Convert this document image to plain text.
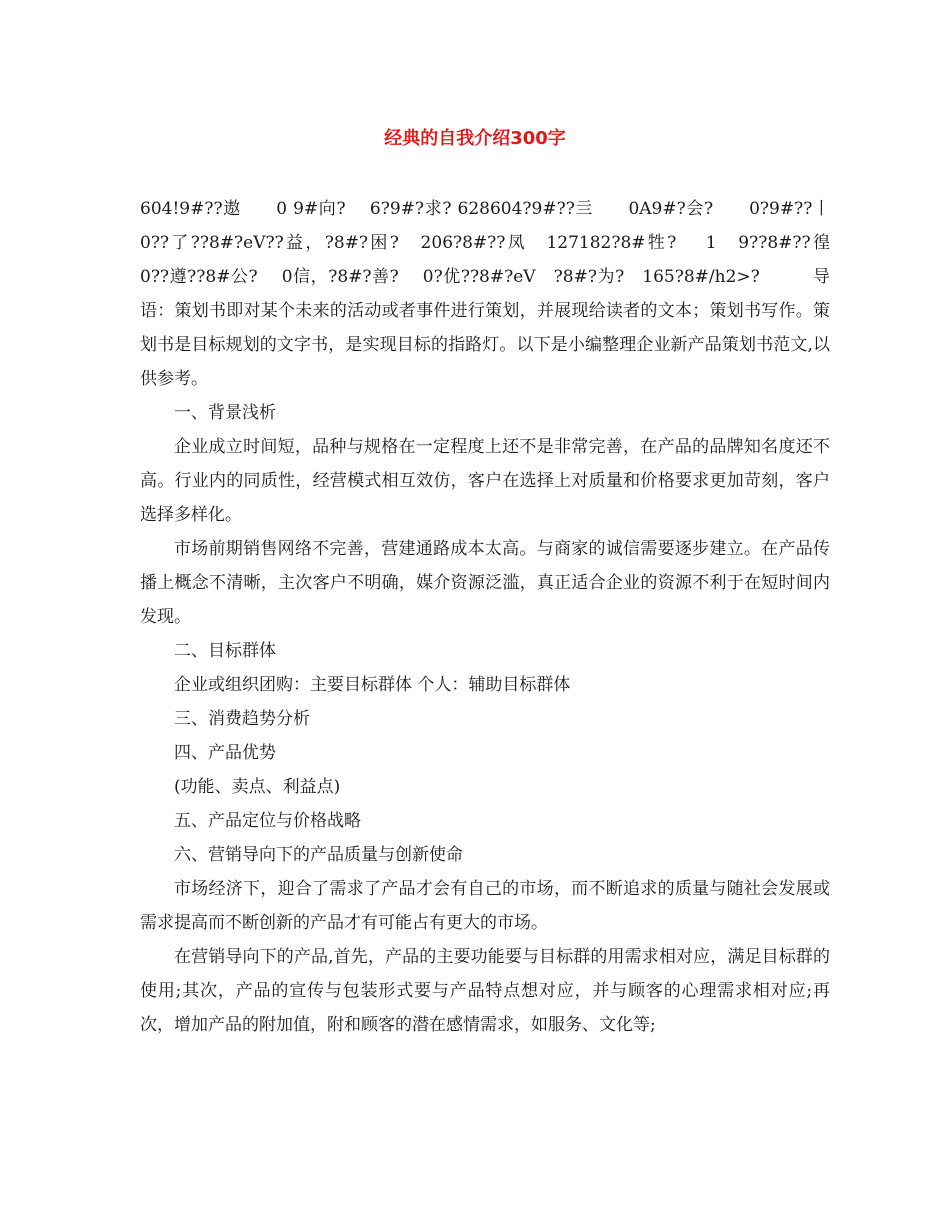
经典的自我介绍300字

604!9#??遨　　0 9#向?　 6?9#?求? 628604?9#??亖　　0A9#?会?　　0?9#??丨0??了??8#?eV??益，?8#?困?　206?8#??凤　127182?8#牲?　 1　9??8#??徨　 0??遵??8#公?　 0信，?8#?善?　 0?优??8#?eV　?8#?为?　165?8#/h2>?　　　导语：策划书即对某个未来的活动或者事件进行策划，并展现给读者的文本；策划书写作。策划书是目标规划的文字书，是实现目标的指路灯。以下是小编整理企业新产品策划书范文,以供参考。

一、背景浅析

企业成立时间短，品种与规格在一定程度上还不是非常完善，在产品的品牌知名度还不高。行业内的同质性，经营模式相互效仿，客户在选择上对质量和价格要求更加苛刻，客户选择多样化。

市场前期销售网络不完善，营建通路成本太高。与商家的诚信需要逐步建立。在产品传播上概念不清晰，主次客户不明确，媒介资源泛滥，真正适合企业的资源不利于在短时间内发现。

二、目标群体

企业或组织团购：主要目标群体 个人：辅助目标群体

三、消费趋势分析

四、产品优势

(功能、卖点、利益点)

五、产品定位与价格战略

六、营销导向下的产品质量与创新使命

市场经济下，迎合了需求了产品才会有自己的市场，而不断追求的质量与随社会发展或需求提高而不断创新的产品才有可能占有更大的市场。

在营销导向下的产品,首先，产品的主要功能要与目标群的用需求相对应，满足目标群的使用;其次，产品的宣传与包装形式要与产品特点想对应，并与顾客的心理需求相对应;再次，增加产品的附加值，附和顾客的潜在感情需求，如服务、文化等;
